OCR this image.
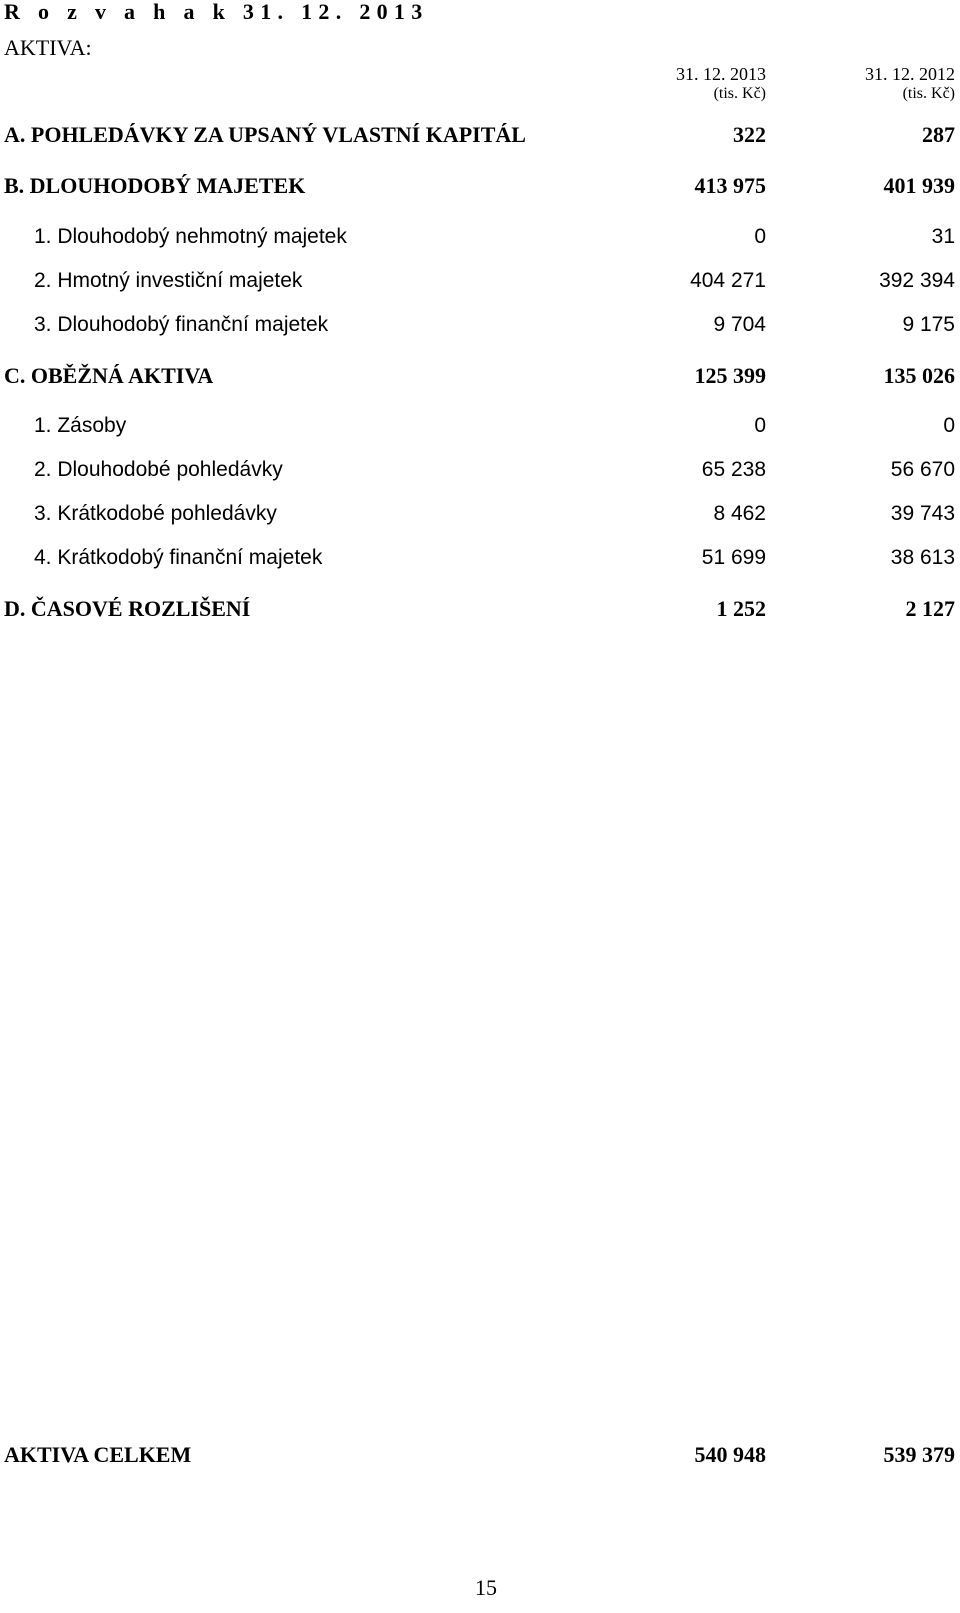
R o z v a h a k 31. 12. 2013
AKTIVA:
31. 12. 2013
(tis. Kč)
31. 12. 2012
(tis. Kč)
A. POHLEDÁVKY ZA UPSANÝ VLASTNÍ KAPITÁL	322	287
B. DLOUHODOBÝ MAJETEK	413 975	401 939
1. Dlouhodobý nehmotný majetek	0	31
2. Hmotný investiční majetek	404 271	392 394
3. Dlouhodobý finanční majetek	9 704	9 175
C. OBĚŽNÁ AKTIVA	125 399	135 026
1. Zásoby	0	0
2. Dlouhodobé pohledávky	65 238	56 670
3. Krátkodobé pohledávky	8 462	39 743
4. Krátkodobý finanční majetek	51 699	38 613
D. ČASOVÉ ROZLIŠENÍ	1 252	2 127
AKTIVA CELKEM	540 948	539 379
15
